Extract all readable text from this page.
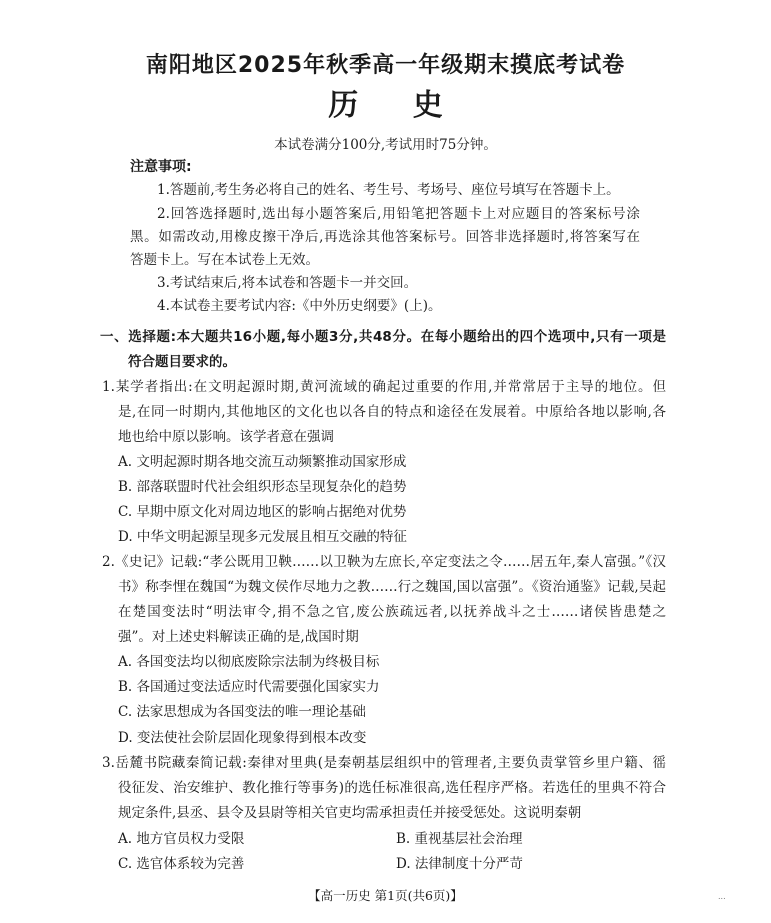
南阳地区2025年秋季高一年级期末摸底考试卷
历 史
本试卷满分100分,考试用时75分钟。
注意事项:
1.答题前,考生务必将自己的姓名、考生号、考场号、座位号填写在答题卡上。
2.回答选择题时,选出每小题答案后,用铅笔把答题卡上对应题目的答案标号涂
黑。如需改动,用橡皮擦干净后,再选涂其他答案标号。回答非选择题时,将答案写在
答题卡上。写在本试卷上无效。
3.考试结束后,将本试卷和答题卡一并交回。
4.本试卷主要考试内容:《中外历史纲要》(上)。
一、选择题:本大题共16小题,每小题3分,共48分。在每小题给出的四个选项中,只有一项是
符合题目要求的。
1.某学者指出:在文明起源时期,黄河流域的确起过重要的作用,并常常居于主导的地位。但
是,在同一时期内,其他地区的文化也以各自的特点和途径在发展着。中原给各地以影响,各
地也给中原以影响。该学者意在强调
A. 文明起源时期各地交流互动频繁推动国家形成
B. 部落联盟时代社会组织形态呈现复杂化的趋势
C. 早期中原文化对周边地区的影响占据绝对优势
D. 中华文明起源呈现多元发展且相互交融的特征
2.《史记》记载:“孝公既用卫鞅……以卫鞅为左庶长,卒定变法之令……居五年,秦人富强。”《汉
书》称李悝在魏国“为魏文侯作尽地力之教……行之魏国,国以富强”。《资治通鉴》记载,吴起
在楚国变法时“明法审令,捐不急之官,废公族疏远者,以抚养战斗之士……诸侯皆患楚之
强”。对上述史料解读正确的是,战国时期
A. 各国变法均以彻底废除宗法制为终极目标
B. 各国通过变法适应时代需要强化国家实力
C. 法家思想成为各国变法的唯一理论基础
D. 变法使社会阶层固化现象得到根本改变
3.岳麓书院藏秦简记载:秦律对里典(是秦朝基层组织中的管理者,主要负责掌管乡里户籍、徭
役征发、治安维护、教化推行等事务)的选任标准很高,选任程序严格。若选任的里典不符合
规定条件,县丞、县令及县尉等相关官吏均需承担责任并接受惩处。这说明秦朝
A. 地方官员权力受限	B. 重视基层社会治理
C. 选官体系较为完善	D. 法律制度十分严苛
【高一历史 第1页(共6页)】	...
